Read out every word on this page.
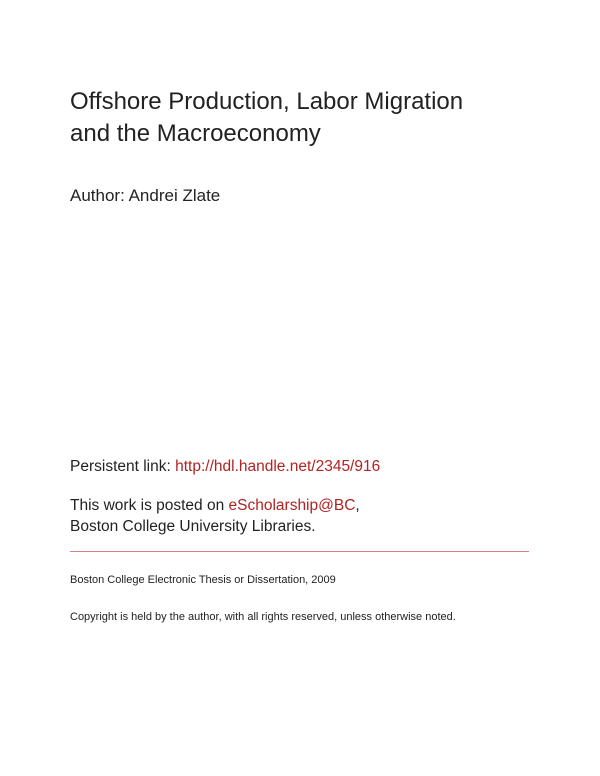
Offshore Production, Labor Migration
and the Macroeconomy
Author: Andrei Zlate
Persistent link: http://hdl.handle.net/2345/916
This work is posted on eScholarship@BC,
Boston College University Libraries.
Boston College Electronic Thesis or Dissertation, 2009
Copyright is held by the author, with all rights reserved, unless otherwise noted.
